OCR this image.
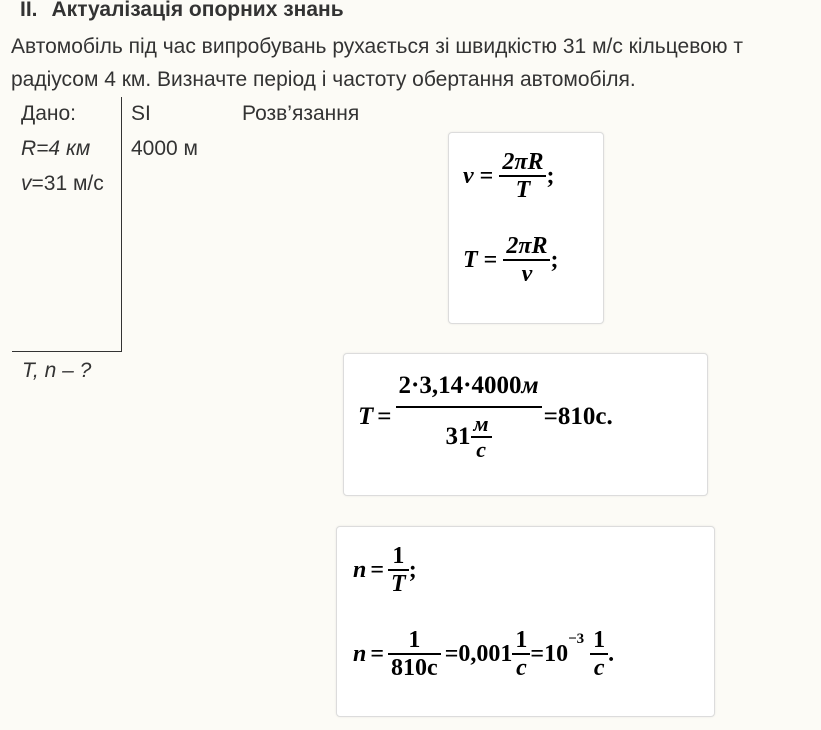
II. Актуалізація опорних знань
Автомобіль під час випробувань рухається зі швидкістю 31 м/с кільцевою т
радіусом 4 км. Визначте період і частоту обертання автомобіля.
Дано:	SI	Розв’язання
R=4 км
v=31 м/с
4000 м
T, n – ?
$v = \frac{2\pi R}{T}$ ;
$T = \frac{2\pi R}{v}$ ;
$T = \frac{2\cdot 3,14\cdot 4000м}{31 \frac{м}{с}} =810с$.
$n = \frac{1}{T}$ ;
$n = \frac{1}{810с} =0,001 \frac{1}{с} =10$
$^{-3} \frac{1}{с}$ .
